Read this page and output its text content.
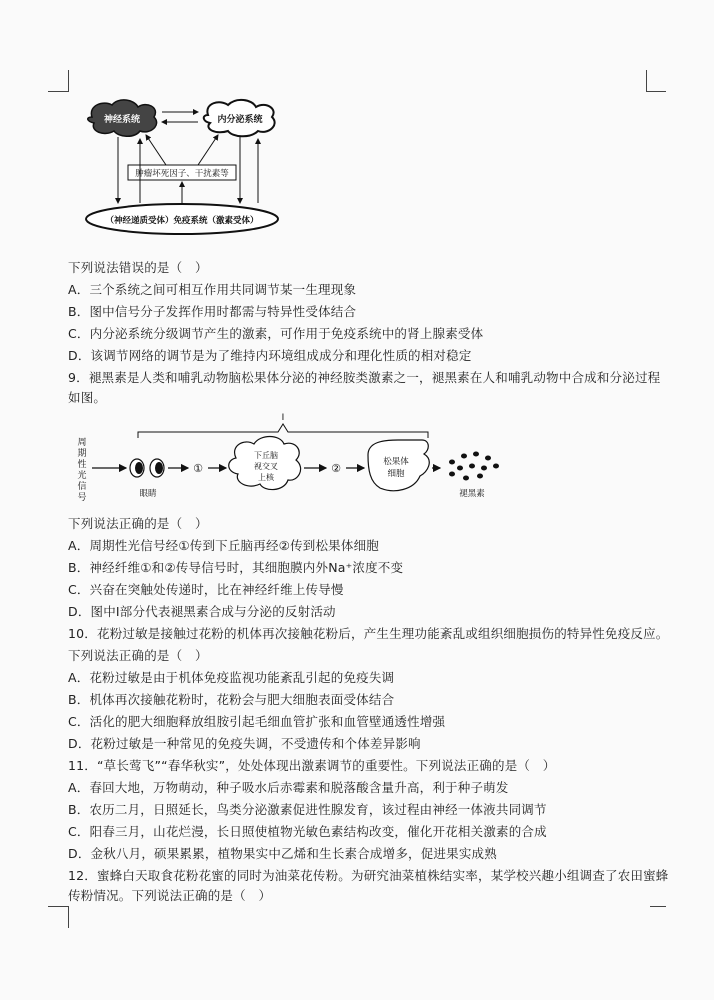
神经系统	内分泌系统
肿瘤坏死因子、干扰素等
（神经递质受体）免疫系统（激素受体）
下列说法错误的是（　）
A．三个系统之间可相互作用共同调节某一生理现象
B．图中信号分子发挥作用时都需与特异性受体结合
C．内分泌系统分级调节产生的激素，可作用于免疫系统中的肾上腺素受体
D．该调节网络的调节是为了维持内环境组成成分和理化性质的相对稳定
9．褪黑素是人类和哺乳动物脑松果体分泌的神经胺类激素之一，褪黑素在人和哺乳动物中合成和分泌过程
如图。
Ⅰ
周
期
性
光
信
号	眼睛
①
下丘脑
视交叉
上核
②	松果体
细胞
褪黑素
下列说法正确的是（　）
A．周期性光信号经①传到下丘脑再经②传到松果体细胞
B．神经纤维①和②传导信号时，其细胞膜内外Na⁺浓度不变
C．兴奋在突触处传递时，比在神经纤维上传导慢
D．图中Ⅰ部分代表褪黑素合成与分泌的反射活动
10．花粉过敏是接触过花粉的机体再次接触花粉后，产生生理功能紊乱或组织细胞损伤的特异性免疫反应。
下列说法正确的是（　）
A．花粉过敏是由于机体免疫监视功能紊乱引起的免疫失调
B．机体再次接触花粉时，花粉会与肥大细胞表面受体结合
C．活化的肥大细胞释放组胺引起毛细血管扩张和血管壁通透性增强
D．花粉过敏是一种常见的免疫失调，不受遗传和个体差异影响
11．“草长莺飞”“春华秋实”，处处体现出激素调节的重要性。下列说法正确的是（　）
A．春回大地，万物萌动，种子吸水后赤霉素和脱落酸含量升高，利于种子萌发
B．农历二月，日照延长，鸟类分泌激素促进性腺发育，该过程由神经一体液共同调节
C．阳春三月，山花烂漫，长日照使植物光敏色素结构改变，催化开花相关激素的合成
D．金秋八月，硕果累累，植物果实中乙烯和生长素合成增多，促进果实成熟
12．蜜蜂白天取食花粉花蜜的同时为油菜花传粉。为研究油菜植株结实率，某学校兴趣小组调查了农田蜜蜂
传粉情况。下列说法正确的是（　）
